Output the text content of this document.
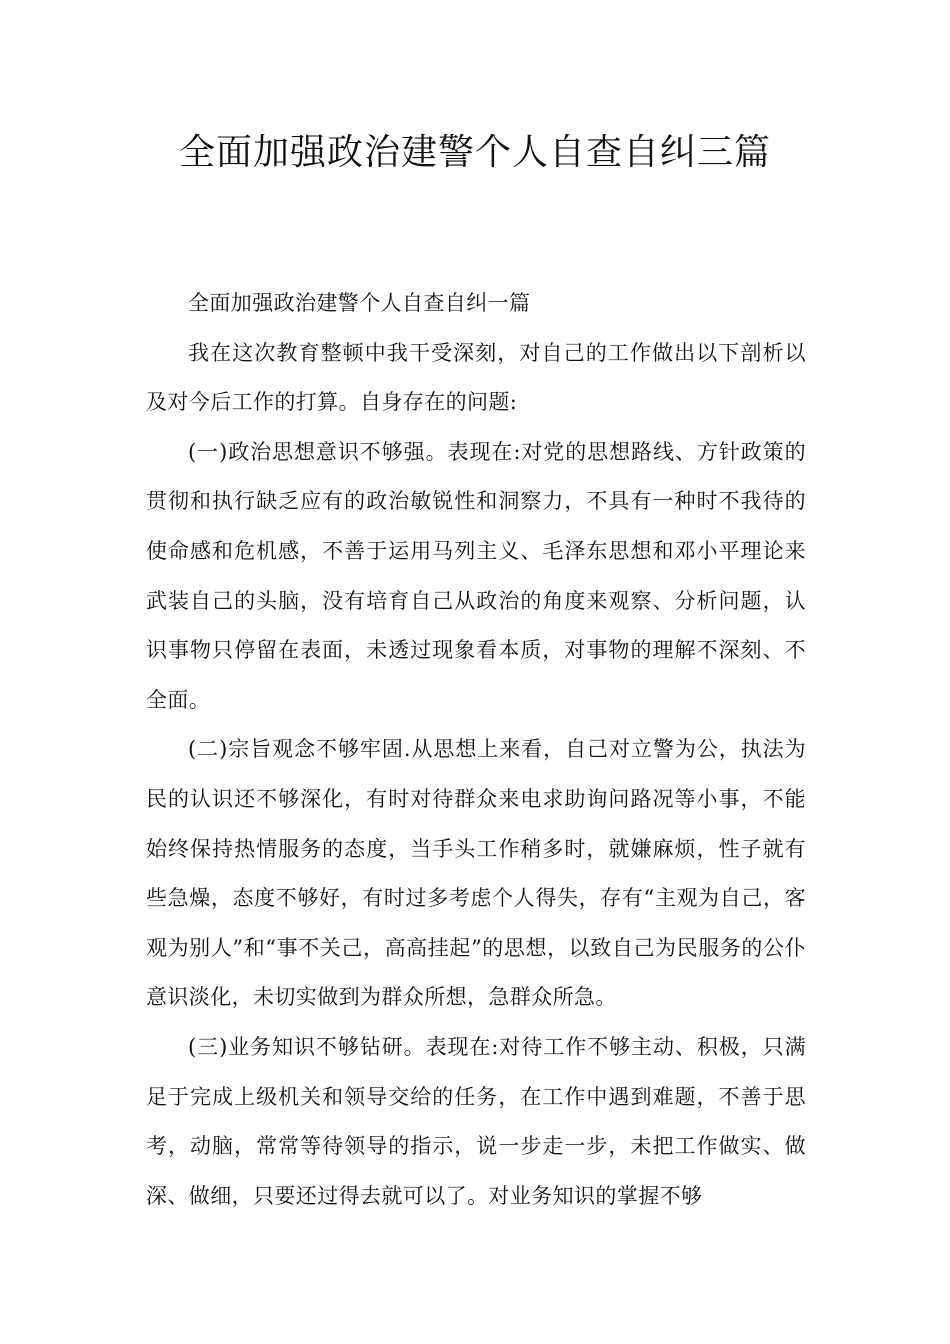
全面加强政治建警个人自查自纠三篇

全面加强政治建警个人自查自纠一篇

我在这次教育整顿中我干受深刻，对自己的工作做出以下剖析以及对今后工作的打算。自身存在的问题:

(一)政治思想意识不够强。表现在:对党的思想路线、方针政策的贯彻和执行缺乏应有的政治敏锐性和洞察力，不具有一种时不我待的使命感和危机感，不善于运用马列主义、毛泽东思想和邓小平理论来武装自己的头脑，没有培育自己从政治的角度来观察、分析问题，认识事物只停留在表面，未透过现象看本质，对事物的理解不深刻、不全面。

(二)宗旨观念不够牢固.从思想上来看，自己对立警为公，执法为民的认识还不够深化，有时对待群众来电求助询问路况等小事，不能始终保持热情服务的态度，当手头工作稍多时，就嫌麻烦，性子就有些急燥，态度不够好，有时过多考虑个人得失，存有“主观为自己，客观为别人”和“事不关己，高高挂起”的思想，以致自己为民服务的公仆意识淡化，未切实做到为群众所想，急群众所急。

(三)业务知识不够钻研。表现在:对待工作不够主动、积极，只满足于完成上级机关和领导交给的任务，在工作中遇到难题，不善于思考，动脑，常常等待领导的指示，说一步走一步，未把工作做实、做深、做细，只要还过得去就可以了。对业务知识的掌握不够
